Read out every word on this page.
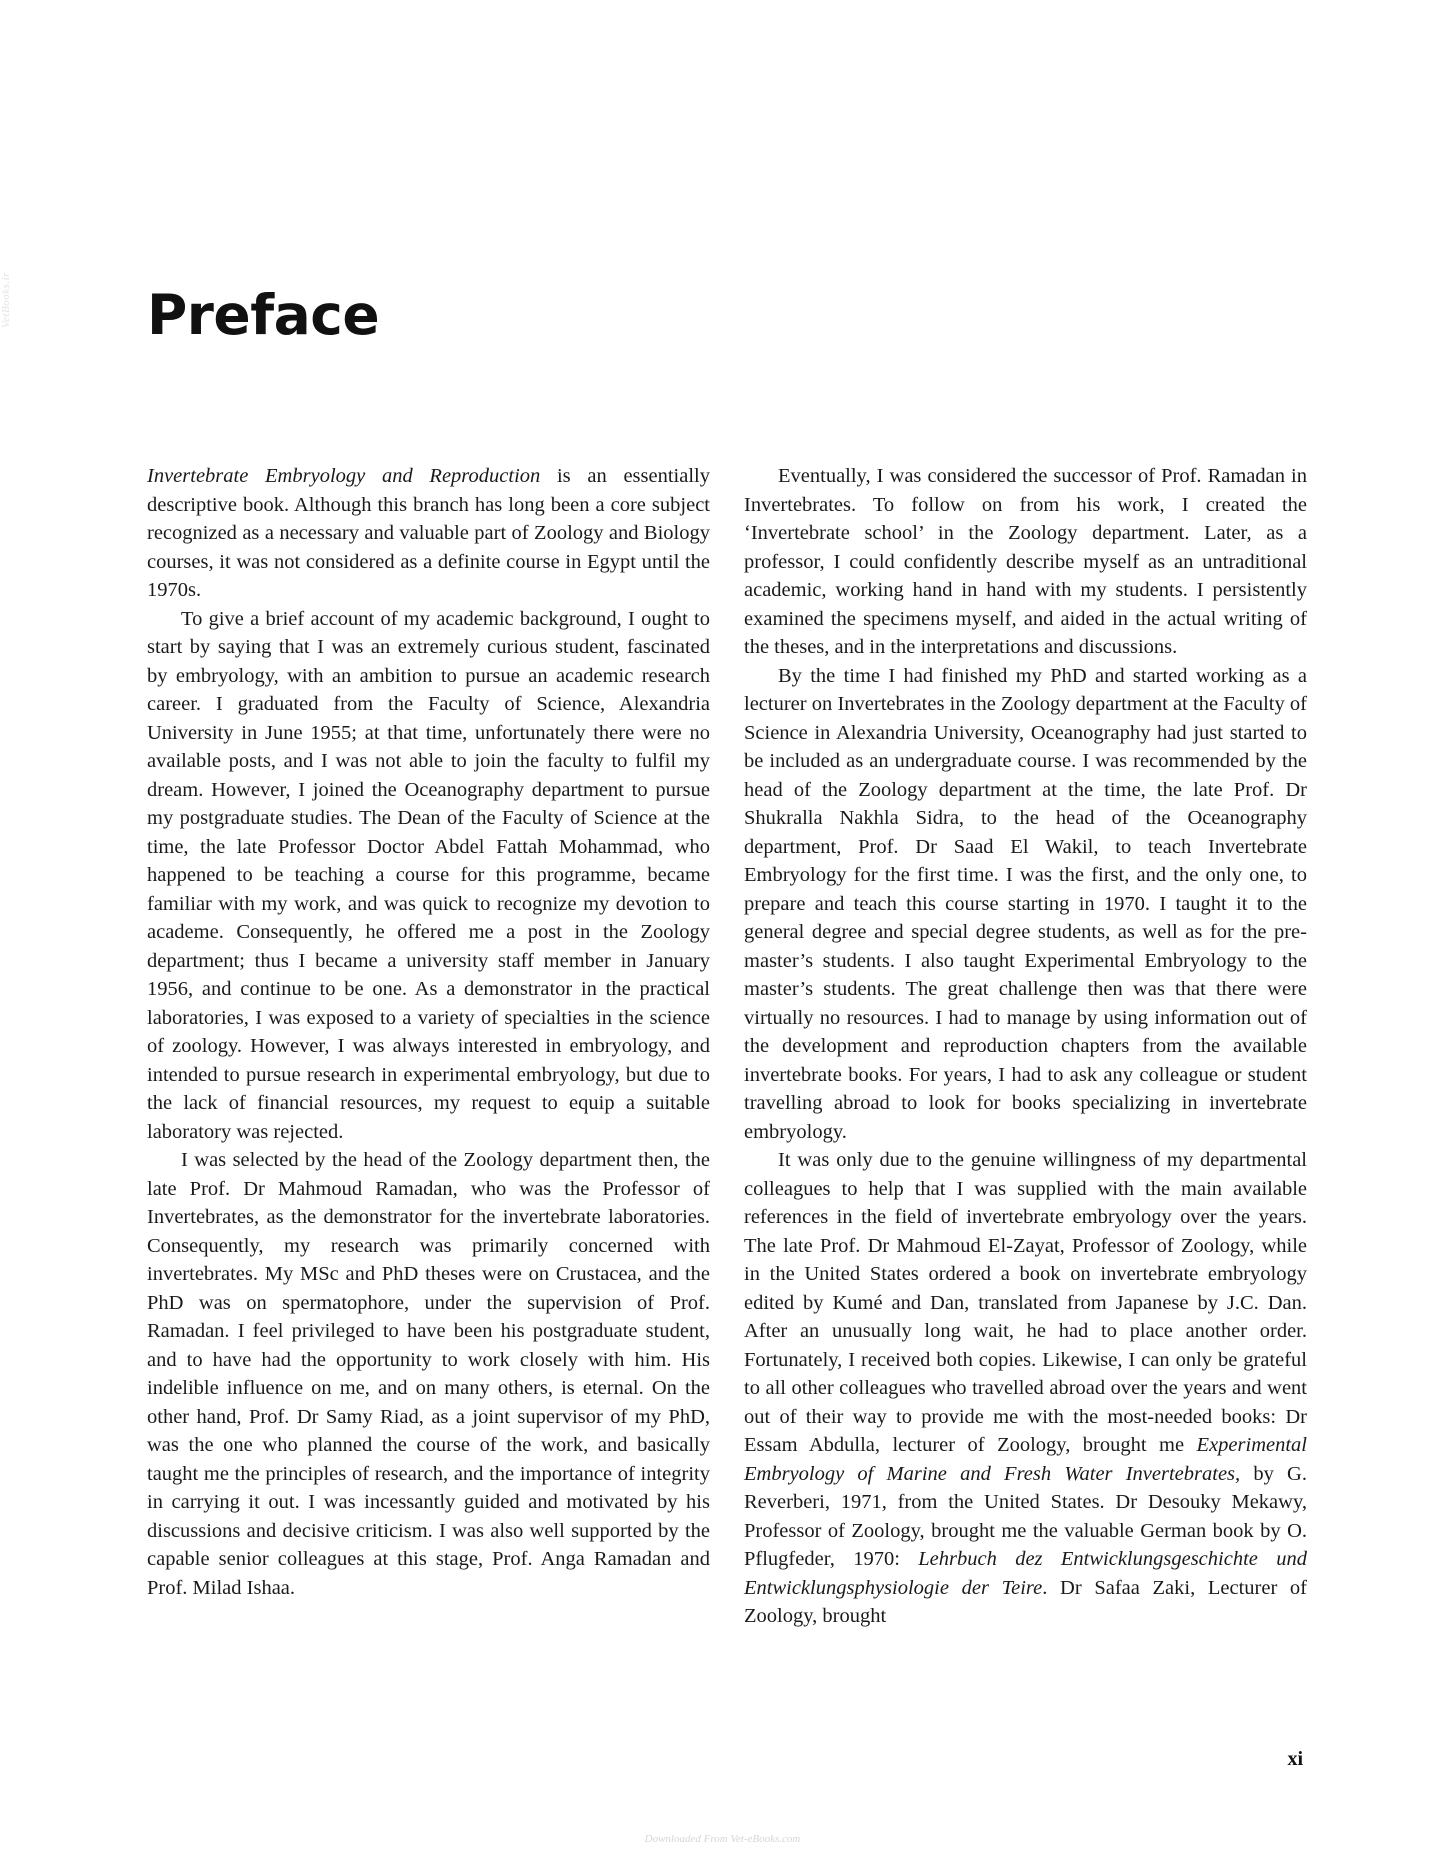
VetBooks.ir Preface

Invertebrate Embryology and Reproduction is an essentially descriptive book. Although this branch has long been a core subject recognized as a necessary and valuable part of Zoology and Biology courses, it was not considered as a definite course in Egypt until the 1970s.

To give a brief account of my academic background, I ought to start by saying that I was an extremely curious student, fascinated by embryology, with an ambition to pursue an academic research career. I graduated from the Faculty of Science, Alexandria University in June 1955; at that time, unfortunately there were no available posts, and I was not able to join the faculty to fulfil my dream. However, I joined the Oceanography department to pursue my postgraduate studies. The Dean of the Faculty of Science at the time, the late Professor Doctor Abdel Fattah Mohammad, who happened to be teaching a course for this programme, became familiar with my work, and was quick to recognize my devotion to academe. Consequently, he offered me a post in the Zoology department; thus I became a university staff member in January 1956, and continue to be one. As a demonstrator in the practical laboratories, I was exposed to a variety of specialties in the science of zoology. However, I was always interested in embryology, and intended to pursue research in experimental embryology, but due to the lack of financial resources, my request to equip a suitable laboratory was rejected.

I was selected by the head of the Zoology department then, the late Prof. Dr Mahmoud Ramadan, who was the Professor of Invertebrates, as the demonstrator for the invertebrate laboratories. Consequently, my research was primarily concerned with invertebrates. My MSc and PhD theses were on Crustacea, and the PhD was on spermatophore, under the supervision of Prof. Ramadan. I feel privileged to have been his postgraduate student, and to have had the opportunity to work closely with him. His indelible influence on me, and on many others, is eternal. On the other hand, Prof. Dr Samy Riad, as a joint supervisor of my PhD, was the one who planned the course of the work, and basically taught me the principles of research, and the importance of integrity in carrying it out. I was incessantly guided and motivated by his discussions and decisive criticism. I was also well supported by the capable senior colleagues at this stage, Prof. Anga Ramadan and Prof. Milad Ishaa.

Eventually, I was considered the successor of Prof. Ramadan in Invertebrates. To follow on from his work, I created the ‘Invertebrate school’ in the Zoology department. Later, as a professor, I could confidently describe myself as an untraditional academic, working hand in hand with my students. I persistently examined the specimens myself, and aided in the actual writing of the theses, and in the interpretations and discussions.

By the time I had finished my PhD and started working as a lecturer on Invertebrates in the Zoology department at the Faculty of Science in Alexandria University, Oceanography had just started to be included as an undergraduate course. I was recommended by the head of the Zoology department at the time, the late Prof. Dr Shukralla Nakhla Sidra, to the head of the Oceanography department, Prof. Dr Saad El Wakil, to teach Invertebrate Embryology for the first time. I was the first, and the only one, to prepare and teach this course starting in 1970. I taught it to the general degree and special degree students, as well as for the pre-master’s students. I also taught Experimental Embryology to the master’s students. The great challenge then was that there were virtually no resources. I had to manage by using information out of the development and reproduction chapters from the available invertebrate books. For years, I had to ask any colleague or student travelling abroad to look for books specializing in invertebrate embryology.

It was only due to the genuine willingness of my departmental colleagues to help that I was supplied with the main available references in the field of invertebrate embryology over the years. The late Prof. Dr Mahmoud El-Zayat, Professor of Zoology, while in the United States ordered a book on invertebrate embryology edited by Kumé and Dan, translated from Japanese by J.C. Dan. After an unusually long wait, he had to place another order. Fortunately, I received both copies. Likewise, I can only be grateful to all other colleagues who travelled abroad over the years and went out of their way to provide me with the most-needed books: Dr Essam Abdulla, lecturer of Zoology, brought me Experimental Embryology of Marine and Fresh Water Invertebrates, by G. Reverberi, 1971, from the United States. Dr Desouky Mekawy, Professor of Zoology, brought me the valuable German book by O. Pflugfeder, 1970: Lehrbuch dez Entwicklungsgeschichte und Entwicklungsphysiologie der Teire. Dr Safaa Zaki, Lecturer of Zoology, brought

xi
Downloaded From Vet-eBooks.com
